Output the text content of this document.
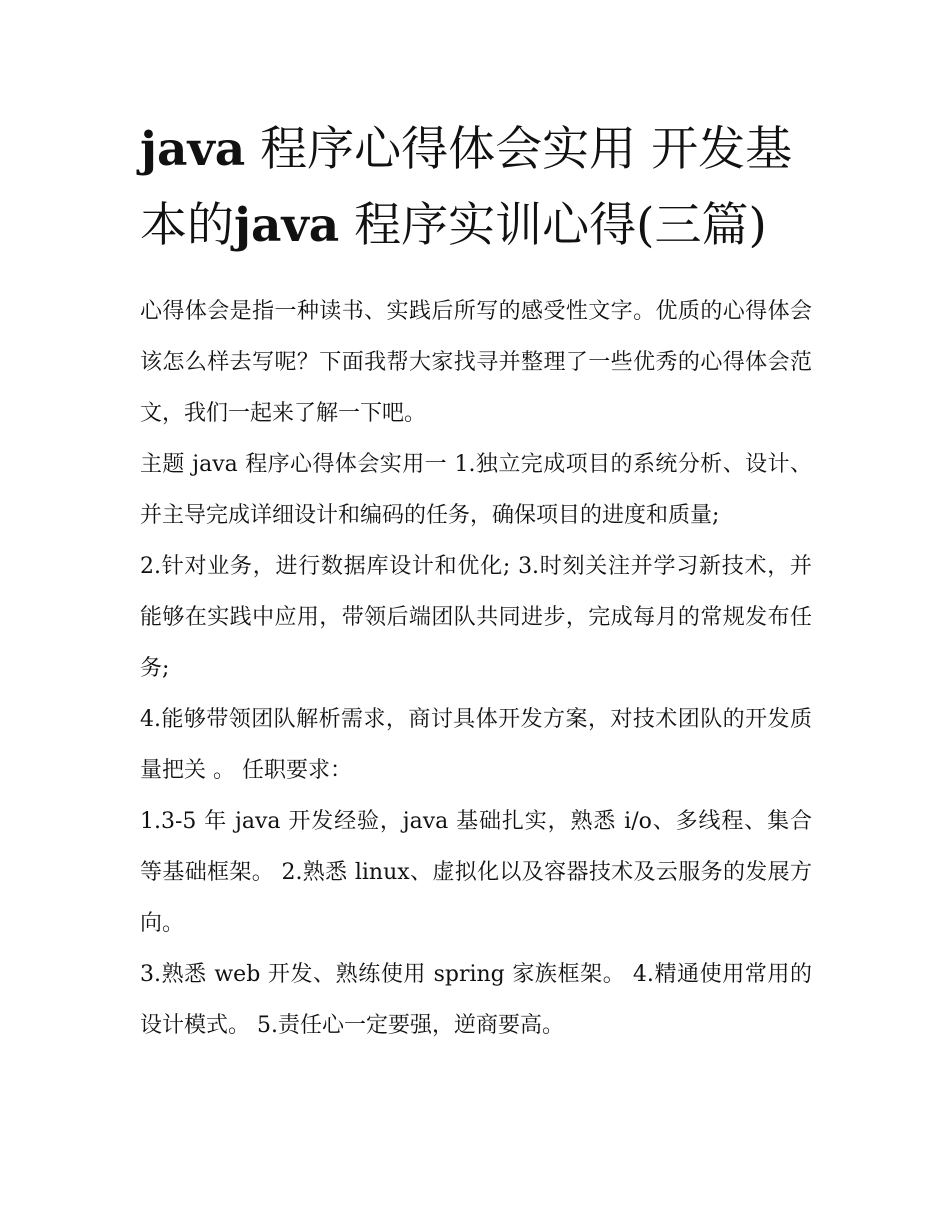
java 程序心得体会实用 开发基本的java 程序实训心得(三篇)

心得体会是指一种读书、实践后所写的感受性文字。优质的心得体会该怎么样去写呢？下面我帮大家找寻并整理了一些优秀的心得体会范文，我们一起来了解一下吧。

主题 java 程序心得体会实用一 1.独立完成项目的系统分析、设计、并主导完成详细设计和编码的任务，确保项目的进度和质量;

2.针对业务，进行数据库设计和优化; 3.时刻关注并学习新技术，并能够在实践中应用，带领后端团队共同进步，完成每月的常规发布任务;

4.能够带领团队解析需求，商讨具体开发方案，对技术团队的开发质量把关 。 任职要求：

1.3-5 年 java 开发经验，java 基础扎实，熟悉 i/o、多线程、集合等基础框架。 2.熟悉 linux、虚拟化以及容器技术及云服务的发展方向。

3.熟悉 web 开发、熟练使用 spring 家族框架。 4.精通使用常用的设计模式。 5.责任心一定要强，逆商要高。
